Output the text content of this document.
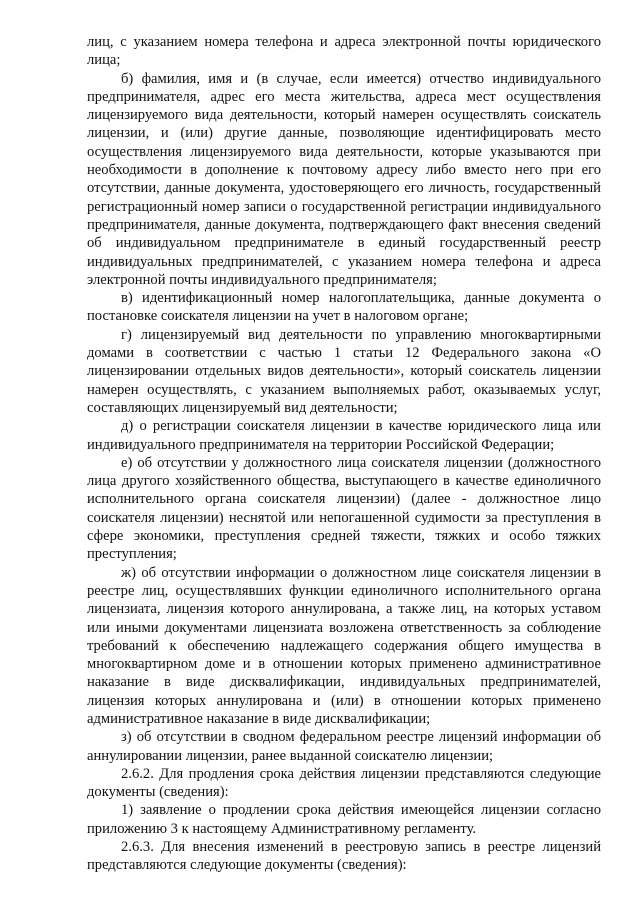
лиц, с указанием номера телефона и адреса электронной почты юридического лица;

б) фамилия, имя и (в случае, если имеется) отчество индивидуального предпринимателя, адрес его места жительства, адреса мест осуществления лицензируемого вида деятельности, который намерен осуществлять соискатель лицензии, и (или) другие данные, позволяющие идентифицировать место осуществления лицензируемого вида деятельности, которые указываются при необходимости в дополнение к почтовому адресу либо вместо него при его отсутствии, данные документа, удостоверяющего его личность, государственный регистрационный номер записи о государственной регистрации индивидуального предпринимателя, данные документа, подтверждающего факт внесения сведений об индивидуальном предпринимателе в единый государственный реестр индивидуальных предпринимателей, с указанием номера телефона и адреса электронной почты индивидуального предпринимателя;

в) идентификационный номер налогоплательщика, данные документа о постановке соискателя лицензии на учет в налоговом органе;

г) лицензируемый вид деятельности по управлению многоквартирными домами в соответствии с частью 1 статьи 12 Федерального закона «О лицензировании отдельных видов деятельности», который соискатель лицензии намерен осуществлять, с указанием выполняемых работ, оказываемых услуг, составляющих лицензируемый вид деятельности;

д) о регистрации соискателя лицензии в качестве юридического лица или индивидуального предпринимателя на территории Российской Федерации;

е) об отсутствии у должностного лица соискателя лицензии (должностного лица другого хозяйственного общества, выступающего в качестве единоличного исполнительного органа соискателя лицензии) (далее - должностное лицо соискателя лицензии) неснятой или непогашенной судимости за преступления в сфере экономики, преступления средней тяжести, тяжких и особо тяжких преступления;

ж) об отсутствии информации о должностном лице соискателя лицензии в реестре лиц, осуществлявших функции единоличного исполнительного органа лицензиата, лицензия которого аннулирована, а также лиц, на которых уставом или иными документами лицензиата возложена ответственность за соблюдение требований к обеспечению надлежащего содержания общего имущества в многоквартирном доме и в отношении которых применено административное наказание в виде дисквалификации, индивидуальных предпринимателей, лицензия которых аннулирована и (или) в отношении которых применено административное наказание в виде дисквалификации;

з) об отсутствии в сводном федеральном реестре лицензий информации об аннулировании лицензии, ранее выданной соискателю лицензии;

2.6.2. Для продления срока действия лицензии представляются следующие документы (сведения):

1) заявление о продлении срока действия имеющейся лицензии согласно приложению 3 к настоящему Административному регламенту.

2.6.3. Для внесения изменений в реестровую запись в реестре лицензий представляются следующие документы (сведения):
